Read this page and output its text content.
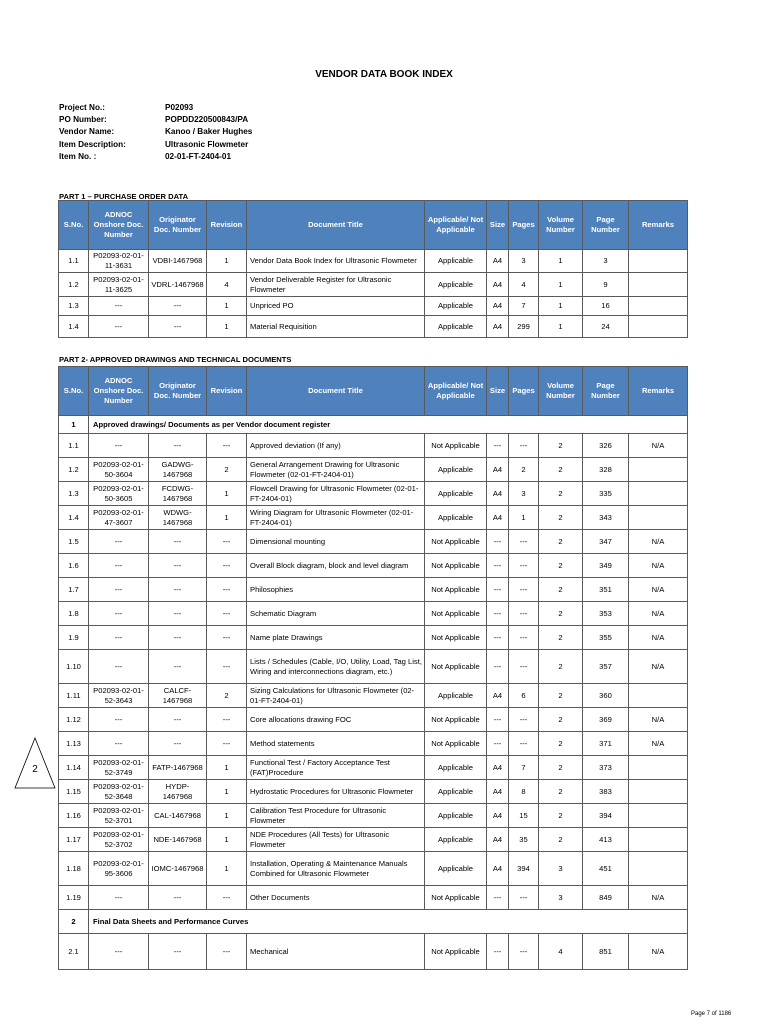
VENDOR DATA BOOK INDEX
Project No.:	P02093
PO Number:	POPDD220500843/PA
Vendor Name:	Kanoo / Baker Hughes
Item Description:	Ultrasonic Flowmeter
Item No. :	02-01-FT-2404-01
PART 1 – PURCHASE ORDER DATA
S.No.	ADNOC Onshore Doc. Number	Originator Doc. Number	Revision	Document Title	Applicable/ Not Applicable	Size	Pages	Volume Number	Page Number	Remarks
1.1	P02093-02-01-11-3631	VDBI-1467968	1	Vendor Data Book Index for Ultrasonic Flowmeter	Applicable	A4	3	1	3	
1.2	P02093-02-01-11-3625	VDRL-1467968	4	Vendor Deliverable Register for Ultrasonic Flowmeter	Applicable	A4	4	1	9	
1.3	---	---	1	Unpriced PO	Applicable	A4	7	1	16	
1.4	---	---	1	Material Requisition	Applicable	A4	299	1	24	
PART 2- APPROVED DRAWINGS AND TECHNICAL DOCUMENTS
S.No.	ADNOC Onshore Doc. Number	Originator Doc. Number	Revision	Document Title	Applicable/ Not Applicable	Size	Pages	Volume Number	Page Number	Remarks
1	Approved drawings/ Documents as per Vendor document register									
1.1	---	---	---	Approved deviation (If any)	Not Applicable	---	---	2	326	N/A
1.2	P02093-02-01-50-3604	GADWG-1467968	2	General Arrangement Drawing for Ultrasonic Flowmeter (02-01-FT-2404-01)	Applicable	A4	2	2	328	
1.3	P02093-02-01-50-3605	FCDWG-1467968	1	Flowcell Drawing for Ultrasonic Flowmeter (02-01-FT-2404-01)	Applicable	A4	3	2	335	
1.4	P02093-02-01-47-3607	WDWG-1467968	1	Wiring Diagram for Ultrasonic Flowmeter (02-01-FT-2404-01)	Applicable	A4	1	2	343	
1.5	---	---	---	Dimensional mounting	Not Applicable	---	---	2	347	N/A
1.6	---	---	---	Overall Block diagram, block and level diagram	Not Applicable	---	---	2	349	N/A
1.7	---	---	---	Philosophies	Not Applicable	---	---	2	351	N/A
1.8	---	---	---	Schematic Diagram	Not Applicable	---	---	2	353	N/A
1.9	---	---	---	Name plate Drawings	Not Applicable	---	---	2	355	N/A
1.10	---	---	---	Lists / Schedules (Cable, I/O, Utility, Load, Tag List, Wiring and interconnections diagram, etc.)	Not Applicable	---	---	2	357	N/A
1.11	P02093-02-01-52-3643	CALCF-1467968	2	Sizing Calculations for Ultrasonic Flowmeter (02-01-FT-2404-01)	Applicable	A4	6	2	360	
1.12	---	---	---	Core allocations drawing FOC	Not Applicable	---	---	2	369	N/A
1.13	---	---	---	Method statements	Not Applicable	---	---	2	371	N/A
1.14	P02093-02-01-52-3749	FATP-1467968	1	Functional Test / Factory Acceptance Test (FAT)Procedure	Applicable	A4	7	2	373	
1.15	P02093-02-01-52-3648	HYDP-1467968	1	Hydrostatic Procedures for Ultrasonic Flowmeter	Applicable	A4	8	2	383	
1.16	P02093-02-01-52-3701	CAL-1467968	1	Calibration Test Procedure for Ultrasonic Flowmeter	Applicable	A4	15	2	394	
1.17	P02093-02-01-52-3702	NDE-1467968	1	NDE Procedures (All Tests) for Ultrasonic Flowmeter	Applicable	A4	35	2	413	
1.18	P02093-02-01-95-3606	IOMC-1467968	1	Installation, Operating & Maintenance Manuals Combined for Ultrasonic Flowmeter	Applicable	A4	394	3	451	
1.19	---	---	---	Other Documents	Not Applicable	---	---	3	849	N/A
2	Final Data Sheets and Performance Curves									
2.1	---	---	---	Mechanical	Not Applicable	---	---	4	851	N/A
2
Page 7 of 1186
